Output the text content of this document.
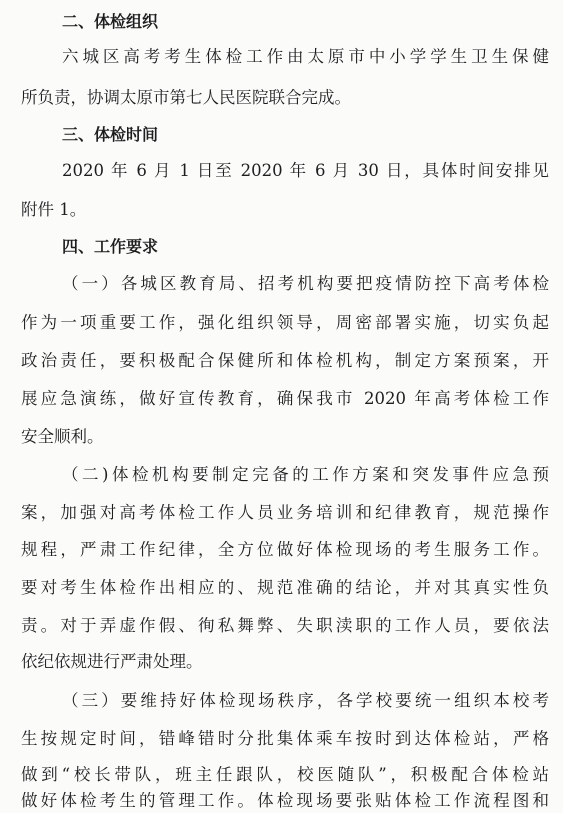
二、体检组织
六城区高考考生体检工作由太原市中小学学生卫生保健
所负责，协调太原市第七人民医院联合完成。
三、体检时间
2020 年 6 月 1 日至 2020 年 6 月 30 日，具体时间安排见
附件 1。
四、工作要求
（一）各城区教育局、招考机构要把疫情防控下高考体检
作为一项重要工作，强化组织领导，周密部署实施，切实负起
政治责任，要积极配合保健所和体检机构，制定方案预案，开
展应急演练，做好宣传教育，确保我市 2020 年高考体检工作
安全顺利。
（二)体检机构要制定完备的工作方案和突发事件应急预
案，加强对高考体检工作人员业务培训和纪律教育，规范操作
规程，严肃工作纪律，全方位做好体检现场的考生服务工作。
要对考生体检作出相应的、规范准确的结论，并对其真实性负
责。对于弄虚作假、徇私舞弊、失职渎职的工作人员，要依法
依纪依规进行严肃处理。
（三）要维持好体检现场秩序，各学校要统一组织本校考
生按规定时间，错峰错时分批集体乘车按时到达体检站，严格
做到“校长带队，班主任跟队，校医随队”，积极配合体检站
做好体检考生的管理工作。体检现场要张贴体检工作流程图和
